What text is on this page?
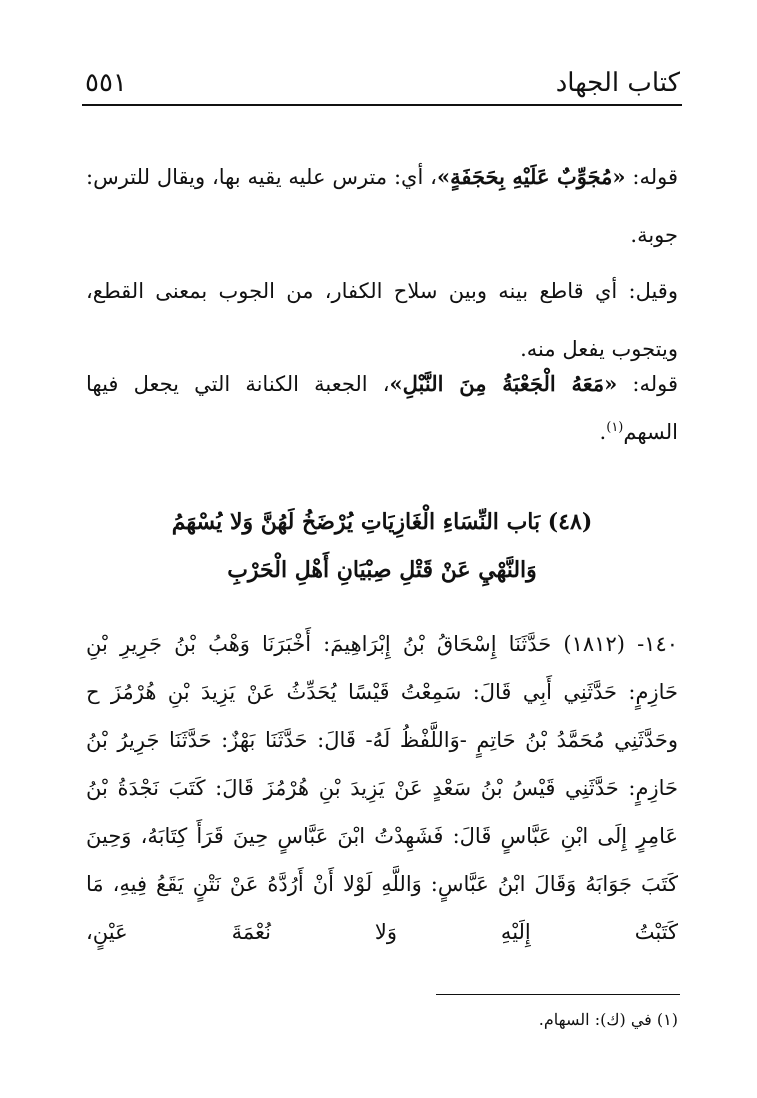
كتاب الجهاد
٥٥١

قوله: «مُجَوِّبٌ عَلَيْهِ بِحَجَفَةٍ»، أي: مترس عليه يقيه بها، ويقال للترس: جوبة.

وقيل: أي قاطع بينه وبين سلاح الكفار، من الجوب بمعنى القطع، ويتجوب يفعل منه.

قوله: «مَعَهُ الْجَعْبَةُ مِنَ النَّبْلِ»، الجعبة الكنانة التي يجعل فيها السهم$^{(١)}$.

(٤٨) بَاب النِّسَاءِ الْغَازِيَاتِ يُرْضَخُ لَهُنَّ وَلا يُسْهَمُ
وَالنَّهْيِ عَنْ قَتْلِ صِبْيَانِ أَهْلِ الْحَرْبِ

١٤٠- (١٨١٢) حَدَّثَنَا إِسْحَاقُ بْنُ إِبْرَاهِيمَ: أَخْبَرَنَا وَهْبُ بْنُ جَرِيرِ بْنِ حَازِمٍ: حَدَّثَنِي أَبِي قَالَ: سَمِعْتُ قَيْسًا يُحَدِّثُ عَنْ يَزِيدَ بْنِ هُرْمُزَ ح وحَدَّثَنِي مُحَمَّدُ بْنُ حَاتِمٍ -وَاللَّفْظُ لَهُ- قَالَ: حَدَّثَنَا بَهْزٌ: حَدَّثَنَا جَرِيرُ بْنُ حَازِمٍ: حَدَّثَنِي قَيْسُ بْنُ سَعْدٍ عَنْ يَزِيدَ بْنِ هُرْمُزَ قَالَ: كَتَبَ نَجْدَةُ بْنُ عَامِرٍ إِلَى ابْنِ عَبَّاسٍ قَالَ: فَشَهِدْتُ ابْنَ عَبَّاسٍ حِينَ قَرَأَ كِتَابَهُ، وَحِينَ كَتَبَ جَوَابَهُ وَقَالَ ابْنُ عَبَّاسٍ: وَاللَّهِ لَوْلا أَنْ أَرُدَّهُ عَنْ نَتْنٍ يَقَعُ فِيهِ، مَا كَتَبْتُ إِلَيْهِ وَلا نُعْمَةَ عَيْنٍ،

(١) في (ك): السهام.
